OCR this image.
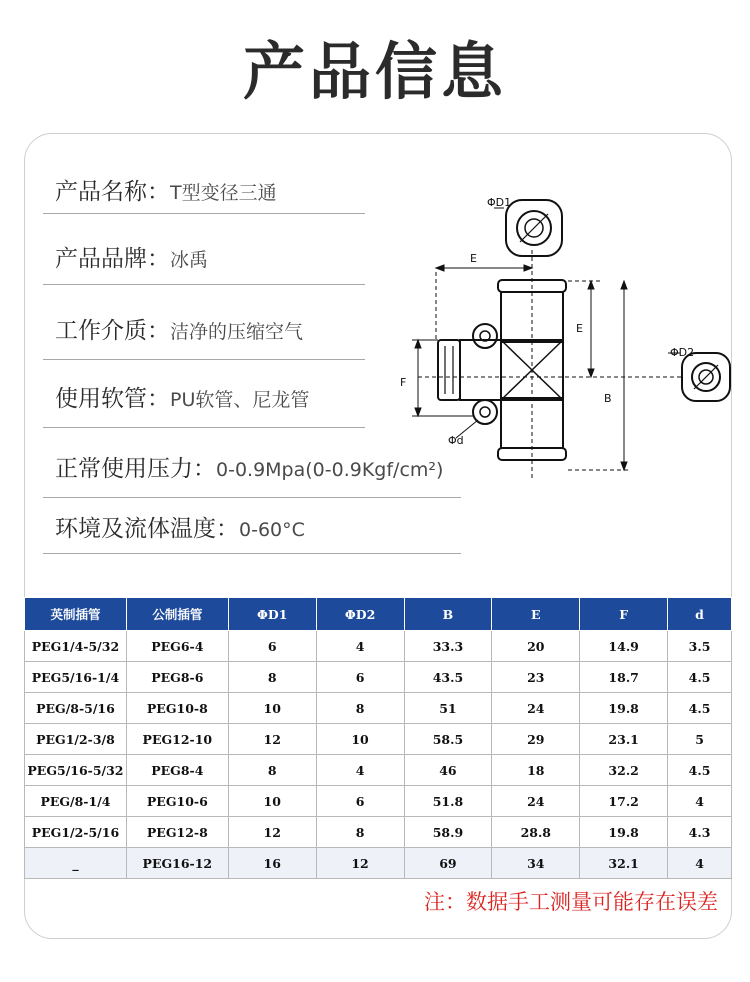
产品信息
产品名称：T型变径三通
产品品牌：冰禹
工作介质：洁净的压缩空气
使用软管：PU软管、尼龙管
正常使用压力：0-0.9Mpa(0-0.9Kgf/cm²)
环境及流体温度：0-60°C
ΦD1
E
E
B
F
ΦD2
Φd
英制插管	公制插管	ΦD1	ΦD2	B	E	F	d
PEG1/4-5/32	PEG6-4	6	4	33.3	20	14.9	3.5
PEG5/16-1/4	PEG8-6	8	6	43.5	23	18.7	4.5
PEG/8-5/16	PEG10-8	10	8	51	24	19.8	4.5
PEG1/2-3/8	PEG12-10	12	10	58.5	29	23.1	5
PEG5/16-5/32	PEG8-4	8	4	46	18	32.2	4.5
PEG/8-1/4	PEG10-6	10	6	51.8	24	17.2	4
PEG1/2-5/16	PEG12-8	12	8	58.9	28.8	19.8	4.3
_	PEG16-12	16	12	69	34	32.1	4
注：数据手工测量可能存在误差
